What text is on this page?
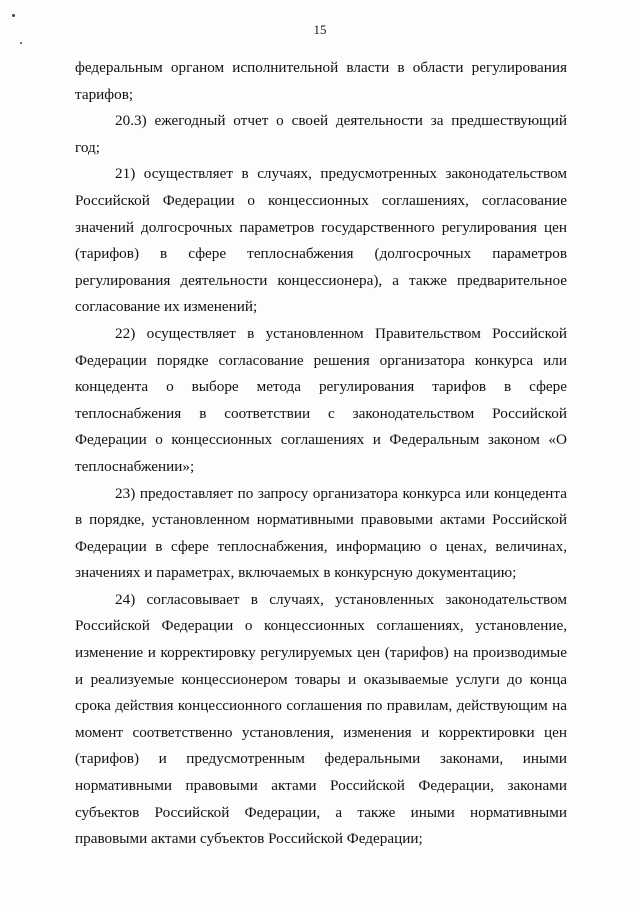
15

федеральным органом исполнительной власти в области регулирования тарифов;

20.3) ежегодный отчет о своей деятельности за предшествующий год;

21) осуществляет в случаях, предусмотренных законодательством Российской Федерации о концессионных соглашениях, согласование значений долгосрочных параметров государственного регулирования цен (тарифов) в сфере теплоснабжения (долгосрочных параметров регулирования деятельности концессионера), а также предварительное согласование их изменений;

22) осуществляет в установленном Правительством Российской Федерации порядке согласование решения организатора конкурса или концедента о выборе метода регулирования тарифов в сфере теплоснабжения в соответствии с законодательством Российской Федерации о концессионных соглашениях и Федеральным законом «О теплоснабжении»;

23) предоставляет по запросу организатора конкурса или концедента в порядке, установленном нормативными правовыми актами Российской Федерации в сфере теплоснабжения, информацию о ценах, величинах, значениях и параметрах, включаемых в конкурсную документацию;

24) согласовывает в случаях, установленных законодательством Российской Федерации о концессионных соглашениях, установление, изменение и корректировку регулируемых цен (тарифов) на производимые и реализуемые концессионером товары и оказываемые услуги до конца срока действия концессионного соглашения по правилам, действующим на момент соответственно установления, изменения и корректировки цен (тарифов) и предусмотренным федеральными законами, иными нормативными правовыми актами Российской Федерации, законами субъектов Российской Федерации, а также иными нормативными правовыми актами субъектов Российской Федерации;
